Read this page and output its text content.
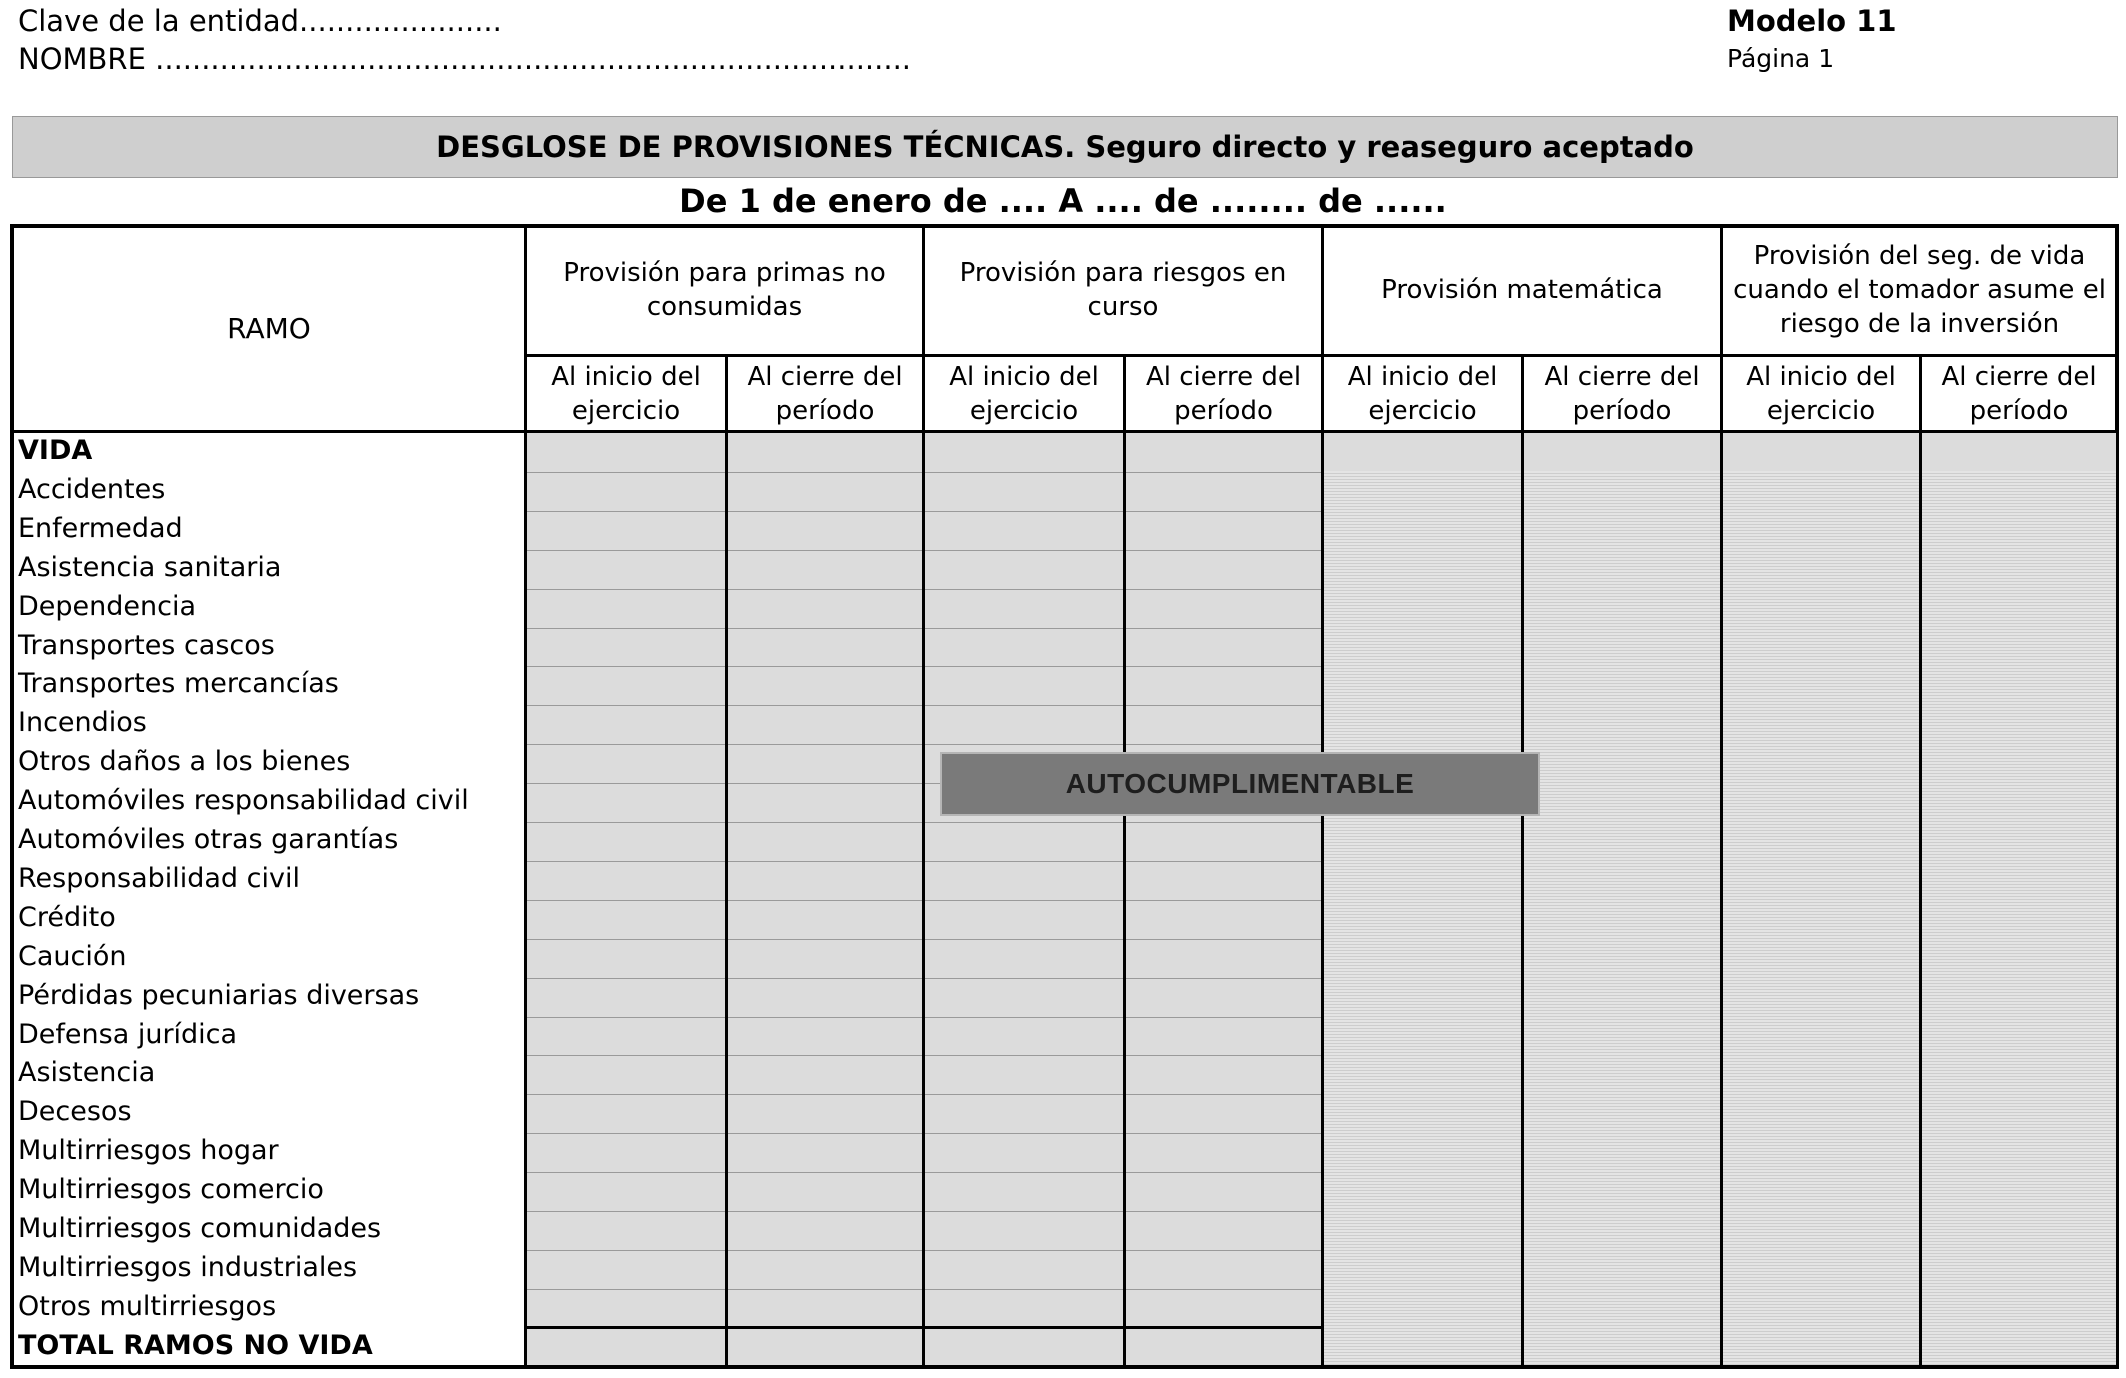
Clave de la entidad......................
NOMBRE ..................................................................................
Modelo 11
Página 1
DESGLOSE DE PROVISIONES TÉCNICAS. Seguro directo y reaseguro aceptado
De 1 de enero de .... A .... de ........ de ......
RAMO
Provisión para primas no consumidas
Provisión para riesgos en curso
Provisión matemática
Provisión del seg. de vida cuando el tomador asume el riesgo de la inversión
Al inicio del ejercicio
Al cierre del período
Al inicio del ejercicio
Al cierre del período
Al inicio del ejercicio
Al cierre del período
Al inicio del ejercicio
Al cierre del período
VIDA
Accidentes
Enfermedad
Asistencia sanitaria
Dependencia
Transportes cascos
Transportes mercancías
Incendios
Otros daños a los bienes
Automóviles responsabilidad civil
Automóviles otras garantías
Responsabilidad civil
Crédito
Caución
Pérdidas pecuniarias diversas
Defensa jurídica
Asistencia
Decesos
Multirriesgos hogar
Multirriesgos comercio
Multirriesgos comunidades
Multirriesgos industriales
Otros multirriesgos
TOTAL RAMOS NO VIDA
AUTOCUMPLIMENTABLE
